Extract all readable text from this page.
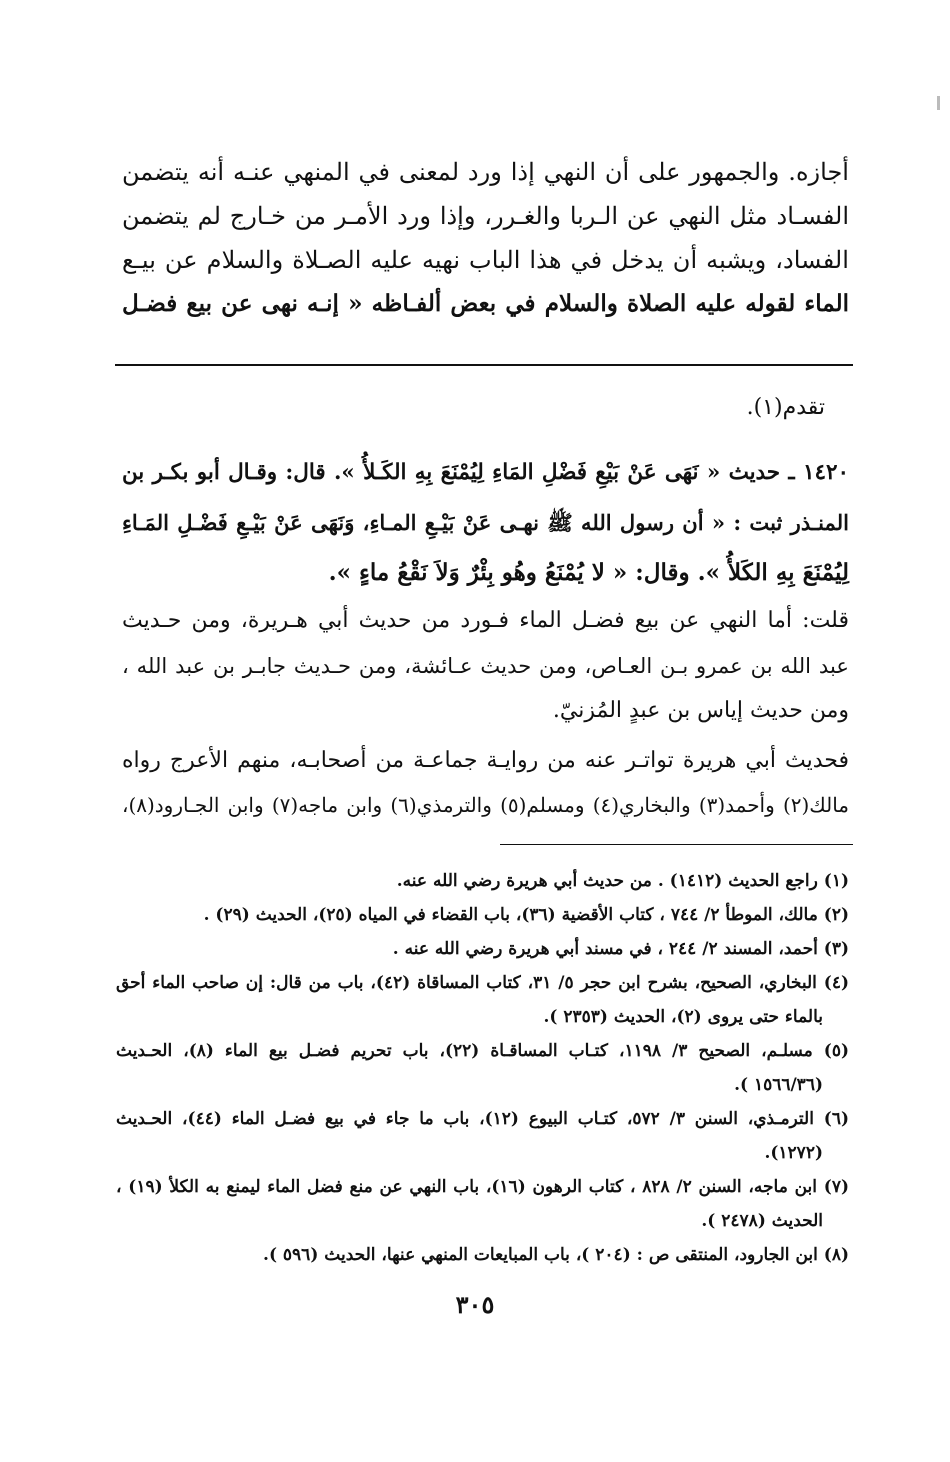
أجازه. والجمهور على أن النهي إذا ورد لمعنى في المنهي عنـه أنه يتضمن
الفسـاد مثل النهي عن الـربا والغـرر، وإذا ورد الأمـر من خـارج لم يتضمن
الفساد، ويشبه أن يدخل في هذا الباب نهيه عليه الصـلاة والسلام عن بيـع
الماء لقوله عليه الصلاة والسلام في بعض ألفـاظه « إنـه نهى عن بيع فضـل
تقدم(١).
١٤٢٠ ـ حديث « نَهَى عَنْ بَيْعِ فَضْلِ المَاءِ لِيُمْنَعَ بِهِ الكَـلأُ ». قال: وقـال أبو بكـر بن
المنـذر ثبت : « أن رسول الله ﷺ نهـى عَنْ بَيْـعِ المـاءِ، وَنَهَى عَنْ بَيْـعِ فَضْـلِ المَـاءِ
لِيُمْنَعَ بِهِ الكَلأُ ». وقال: « لا يُمْنَعُ وهُو بِئْرٌ وَلاَ نَقْعُ ماءٍ ».
قلت: أما النهي عن بيع فضـل الماء فـورد من حديث أبي هـريرة، ومن حـديث
عبد الله بن عمرو بـن العـاص، ومن حديث عـائشة، ومن حـديث جابـر بن عبد الله ،
ومن حديث إياس بن عبدٍ المُزنيّ.
فحديث أبي هريرة تواتـر عنه من روايـة جماعـة من أصحابـه، منهم الأعرج رواه
مالك(٢) وأحمد(٣) والبخاري(٤) ومسلم(٥) والترمذي(٦) وابن ماجه(٧) وابن الجـارود(٨)،
(١) راجع الحديث (١٤١٢) . من حديث أبي هريرة رضي الله عنه.
(٢) مالك، الموطأ ٢/ ٧٤٤ ، كتاب الأقضية (٣٦)، باب القضاء في المياه (٢٥)، الحديث (٢٩) .
(٣) أحمد، المسند ٢/ ٢٤٤ ، في مسند أبي هريرة رضي الله عنه .
(٤) البخاري، الصحيح، بشرح ابن حجر ٥/ ٣١، كتاب المساقاة (٤٢)، باب من قال: إن صاحب الماء أحق
بالماء حتى يروى (٢)، الحديث (٢٣٥٣ ).
(٥) مسلـم، الصحيح ٣/ ١١٩٨، كتـاب المساقـاة (٢٢)، باب تحريم فضـل بيع الماء (٨)، الحـديث
(١٥٦٦/٣٦ ).
(٦) الترمـذي، السنن ٣/ ٥٧٢، كتـاب البيوع (١٢)، باب ما جاء في بيع فضـل الماء (٤٤)، الحـديث
(١٢٧٢).
(٧) ابن ماجه، السنن ٢/ ٨٢٨ ، كتاب الرهون (١٦)، باب النهي عن منع فضل الماء ليمنع به الكلأ (١٩) ،
الحديث (٢٤٧٨ ).
(٨) ابن الجارود، المنتقى ص : (٢٠٤ )، باب المبايعات المنهي عنها، الحديث (٥٩٦ ).
٣٠٥
